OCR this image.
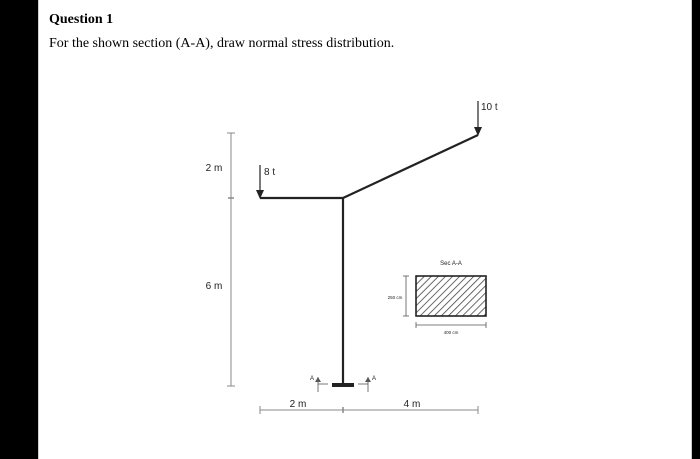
Question 1
For the shown section (A-A), draw normal stress distribution.
2 m
6 m
8 t
10 t
A	A
2 m	4 m
Sec A-A
250 cm
400 cm
